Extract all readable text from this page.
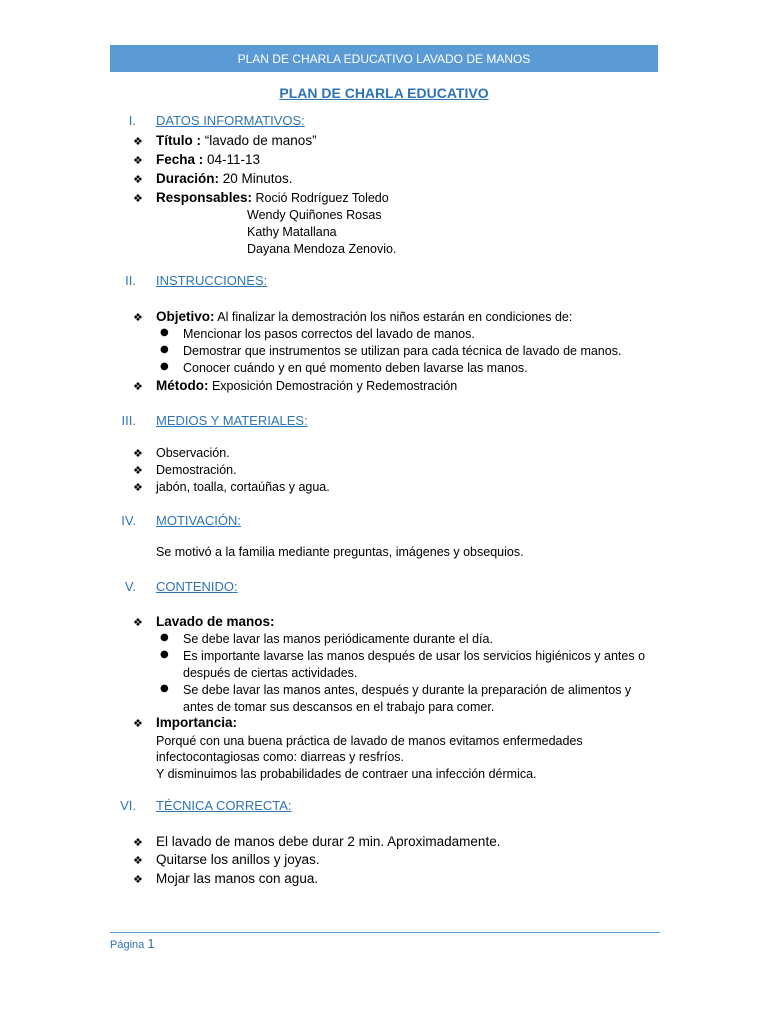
PLAN DE CHARLA EDUCATIVO LAVADO DE MANOS
PLAN DE CHARLA EDUCATIVO
I. DATOS INFORMATIVOS:
❖ Título : “lavado de manos”
❖ Fecha : 04-11-13
❖ Duración: 20 Minutos.
❖ Responsables: Roció Rodríguez Toledo
Wendy Quiñones Rosas
Kathy Matallana
Dayana Mendoza Zenovio.
II. INSTRUCCIONES:
❖ Objetivo: Al finalizar la demostración los niños estarán en condiciones de:
● Mencionar los pasos correctos del lavado de manos.
● Demostrar que instrumentos se utilizan para cada técnica de lavado de manos.
● Conocer cuándo y en qué momento deben lavarse las manos.
❖ Método: Exposición Demostración y Redemostración
III. MEDIOS Y MATERIALES:
❖	Observación.
❖	Demostración.
❖	jabón, toalla, cortaúñas y agua.
IV. MOTIVACIÓN:
Se motivó a la familia mediante preguntas, imágenes y obsequios.
V. CONTENIDO:
❖ Lavado de manos:
● Se debe lavar las manos periódicamente durante el día.
● Es importante lavarse las manos después de usar los servicios higiénicos y antes o
después de ciertas actividades.
● Se debe lavar las manos antes, después y durante la preparación de alimentos y
antes de tomar sus descansos en el trabajo para comer.
❖ Importancia:
Porqué con una buena práctica de lavado de manos evitamos enfermedades
infectocontagiosas como: diarreas y resfríos.
Y disminuimos las probabilidades de contraer una infección dérmica.
VI. TÉCNICA CORRECTA:
❖ El lavado de manos debe durar 2 min. Aproximadamente.
❖ Quitarse los anillos y joyas.
❖ Mojar las manos con agua.
Página 1
